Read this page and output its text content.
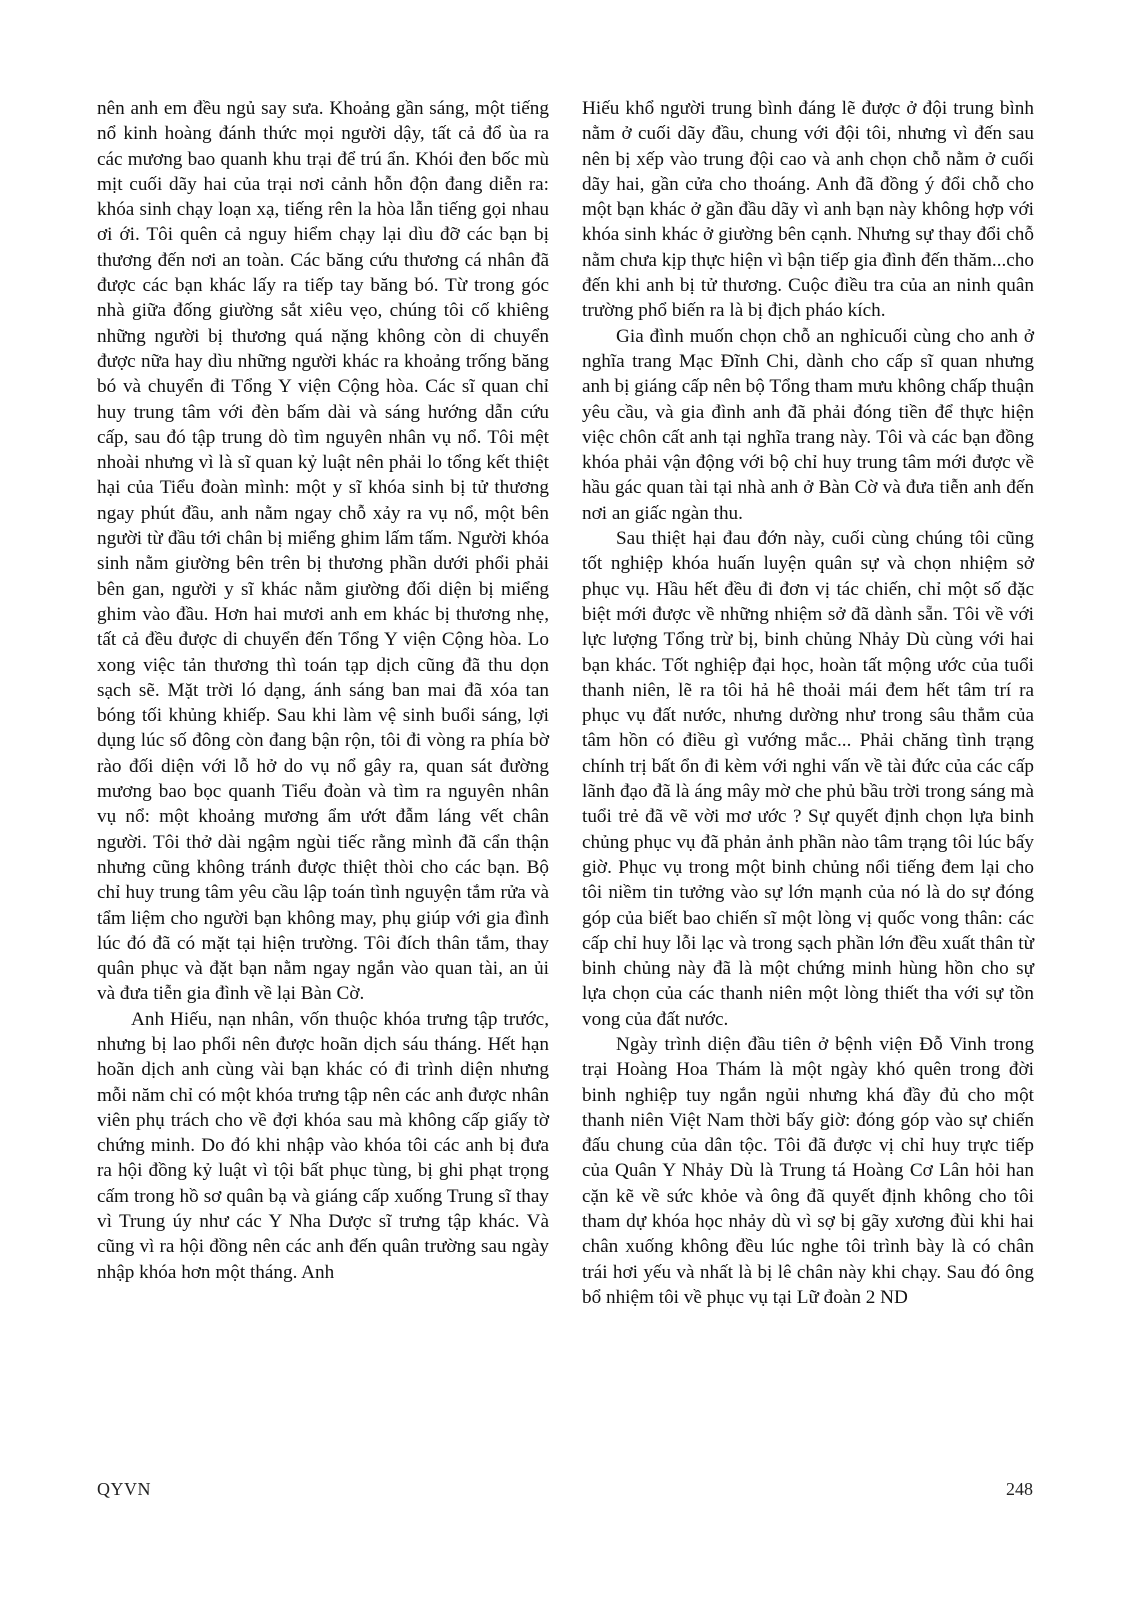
nên anh em đều ngủ say sưa. Khoảng gần sáng, một tiếng nổ kinh hoàng đánh thức mọi người dậy, tất cả đổ ùa ra các mương bao quanh khu trại để trú ẩn. Khói đen bốc mù mịt cuối dãy hai của trại nơi cảnh hỗn độn đang diễn ra: khóa sinh chạy loạn xạ, tiếng rên la hòa lẫn tiếng gọi nhau ơi ới. Tôi quên cả nguy hiểm chạy lại dìu đỡ các bạn bị thương đến nơi an toàn. Các băng cứu thương cá nhân đã được các bạn khác lấy ra tiếp tay băng bó. Từ trong góc nhà giữa đống giường sắt xiêu vẹo, chúng tôi cố khiêng những người bị thương quá nặng không còn di chuyển được nữa hay dìu những người khác ra khoảng trống băng bó và chuyển đi Tổng Y viện Cộng hòa. Các sĩ quan chỉ huy trung tâm với đèn bấm dài và sáng hướng dẫn cứu cấp, sau đó tập trung dò tìm nguyên nhân vụ nổ. Tôi mệt nhoài nhưng vì là sĩ quan kỷ luật nên phải lo tổng kết thiệt hại của Tiểu đoàn mình: một y sĩ khóa sinh bị tử thương ngay phút đầu, anh nằm ngay chỗ xảy ra vụ nổ, một bên người từ đầu tới chân bị miểng ghim lấm tấm. Người khóa sinh nằm giường bên trên bị thương phần dưới phổi phải bên gan, người y sĩ khác nằm giường đối diện bị miểng ghim vào đầu. Hơn hai mươi anh em khác bị thương nhẹ, tất cả đều được di chuyển đến Tổng Y viện Cộng hòa. Lo xong việc tản thương thì toán tạp dịch cũng đã thu dọn sạch sẽ. Mặt trời ló dạng, ánh sáng ban mai đã xóa tan bóng tối khủng khiếp. Sau khi làm vệ sinh buổi sáng, lợi dụng lúc số đông còn đang bận rộn, tôi đi vòng ra phía bờ rào đối diện với lỗ hở do vụ nổ gây ra, quan sát đường mương bao bọc quanh Tiểu đoàn và tìm ra nguyên nhân vụ nổ: một khoảng mương ẩm ướt đẫm láng vết chân người. Tôi thở dài ngậm ngùi tiếc rằng mình đã cẩn thận nhưng cũng không tránh được thiệt thòi cho các bạn. Bộ chỉ huy trung tâm yêu cầu lập toán tình nguyện tắm rửa và tẩm liệm cho người bạn không may, phụ giúp với gia đình lúc đó đã có mặt tại hiện trường. Tôi đích thân tắm, thay quân phục và đặt bạn nằm ngay ngắn vào quan tài, an ủi và đưa tiễn gia đình về lại Bàn Cờ.

Anh Hiếu, nạn nhân, vốn thuộc khóa trưng tập trước, nhưng bị lao phổi nên được hoãn dịch sáu tháng. Hết hạn hoãn dịch anh cùng vài bạn khác có đi trình diện nhưng mỗi năm chỉ có một khóa trưng tập nên các anh được nhân viên phụ trách cho về đợi khóa sau mà không cấp giấy tờ chứng minh. Do đó khi nhập vào khóa tôi các anh bị đưa ra hội đồng kỷ luật vì tội bất phục tùng, bị ghi phạt trọng cấm trong hồ sơ quân bạ và giáng cấp xuống Trung sĩ thay vì Trung úy như các Y Nha Dược sĩ trưng tập khác. Và cũng vì ra hội đồng nên các anh đến quân trường sau ngày nhập khóa hơn một tháng. Anh

Hiếu khổ người trung bình đáng lẽ được ở đội trung bình nằm ở cuối dãy đầu, chung với đội tôi, nhưng vì đến sau nên bị xếp vào trung đội cao và anh chọn chỗ nằm ở cuối dãy hai, gần cửa cho thoáng. Anh đã đồng ý đổi chỗ cho một bạn khác ở gần đầu dãy vì anh bạn này không hợp với khóa sinh khác ở giường bên cạnh. Nhưng sự thay đổi chỗ nằm chưa kịp thực hiện vì bận tiếp gia đình đến thăm...cho đến khi anh bị tử thương. Cuộc điều tra của an ninh quân trường phổ biến ra là bị địch pháo kích.

Gia đình muốn chọn chỗ an nghỉcuối cùng cho anh ở nghĩa trang Mạc Đĩnh Chi, dành cho cấp sĩ quan nhưng anh bị giáng cấp nên bộ Tổng tham mưu không chấp thuận yêu cầu, và gia đình anh đã phải đóng tiền để thực hiện việc chôn cất anh tại nghĩa trang này. Tôi và các bạn đồng khóa phải vận động với bộ chỉ huy trung tâm mới được về hầu gác quan tài tại nhà anh ở Bàn Cờ và đưa tiễn anh đến nơi an giấc ngàn thu.

Sau thiệt hại đau đớn này, cuối cùng chúng tôi cũng tốt nghiệp khóa huấn luyện quân sự và chọn nhiệm sở phục vụ. Hầu hết đều đi đơn vị tác chiến, chỉ một số đặc biệt mới được về những nhiệm sở đã dành sẵn. Tôi về với lực lượng Tổng trừ bị, binh chủng Nhảy Dù cùng với hai bạn khác. Tốt nghiệp đại học, hoàn tất mộng ước của tuổi thanh niên, lẽ ra tôi hả hê thoải mái đem hết tâm trí ra phục vụ đất nước, nhưng dường như trong sâu thẳm của tâm hồn có điều gì vướng mắc... Phải chăng tình trạng chính trị bất ổn đi kèm với nghi vấn về tài đức của các cấp lãnh đạo đã là áng mây mờ che phủ bầu trời trong sáng mà tuổi trẻ đã vẽ vời mơ ước ? Sự quyết định chọn lựa binh chủng phục vụ đã phản ảnh phần nào tâm trạng tôi lúc bấy giờ. Phục vụ trong một binh chủng nổi tiếng đem lại cho tôi niềm tin tưởng vào sự lớn mạnh của nó là do sự đóng góp của biết bao chiến sĩ một lòng vị quốc vong thân: các cấp chỉ huy lỗi lạc và trong sạch phần lớn đều xuất thân từ binh chủng này đã là một chứng minh hùng hồn cho sự lựa chọn của các thanh niên một lòng thiết tha với sự tồn vong của đất nước.

Ngày trình diện đầu tiên ở bệnh viện Đỗ Vinh trong trại Hoàng Hoa Thám là một ngày khó quên trong đời binh nghiệp tuy ngắn ngủi nhưng khá đầy đủ cho một thanh niên Việt Nam thời bấy giờ: đóng góp vào sự chiến đấu chung của dân tộc. Tôi đã được vị chỉ huy trực tiếp của Quân Y Nhảy Dù là Trung tá Hoàng Cơ Lân hỏi han cặn kẽ về sức khỏe và ông đã quyết định không cho tôi tham dự khóa học nhảy dù vì sợ bị gãy xương đùi khi hai chân xuống không đều lúc nghe tôi trình bày là có chân trái hơi yếu và nhất là bị lê chân này khi chạy. Sau đó ông bổ nhiệm tôi về phục vụ tại Lữ đoàn 2 ND

QYVN	248
